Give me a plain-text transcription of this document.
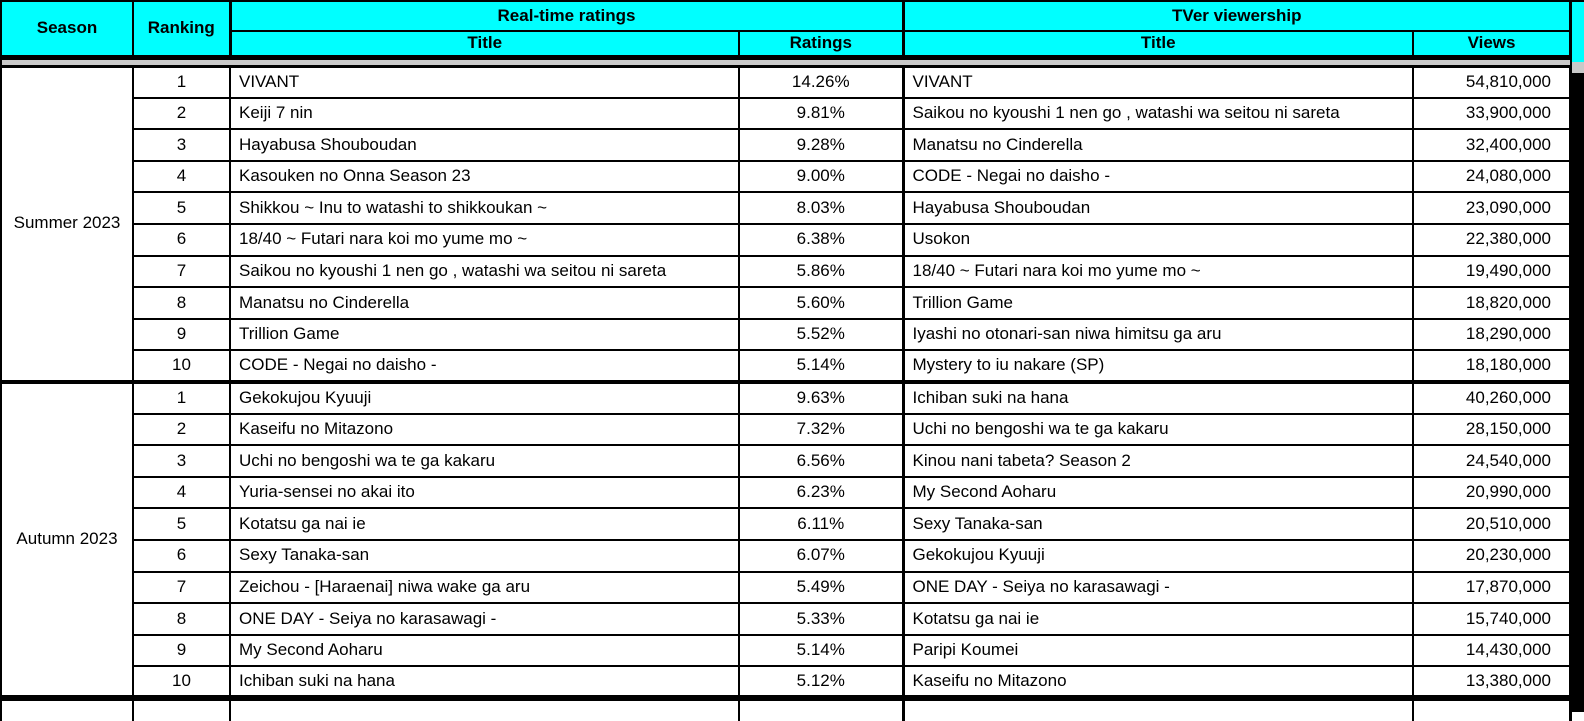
Season	Ranking	Real-time ratings		TVer viewership	
		Title	Ratings	Title	Views

Summer 2023	1	VIVANT	14.26%	VIVANT	54,810,000
	2	Keiji 7 nin	9.81%	Saikou no kyoushi 1 nen go , watashi wa seitou ni sareta	33,900,000
	3	Hayabusa Shouboudan	9.28%	Manatsu no Cinderella	32,400,000
	4	Kasouken no Onna Season 23	9.00%	CODE - Negai no daisho -	24,080,000
	5	Shikkou ~ Inu to watashi to shikkoukan ~	8.03%	Hayabusa Shouboudan	23,090,000
	6	18/40 ~ Futari nara koi mo yume mo ~	6.38%	Usokon	22,380,000
	7	Saikou no kyoushi 1 nen go , watashi wa seitou ni sareta	5.86%	18/40 ~ Futari nara koi mo yume mo ~	19,490,000
	8	Manatsu no Cinderella	5.60%	Trillion Game	18,820,000
	9	Trillion Game	5.52%	Iyashi no otonari-san niwa himitsu ga aru	18,290,000
	10	CODE - Negai no daisho -	5.14%	Mystery to iu nakare (SP)	18,180,000
Autumn 2023	1	Gekokujou Kyuuji	9.63%	Ichiban suki na hana	40,260,000
	2	Kaseifu no Mitazono	7.32%	Uchi no bengoshi wa te ga kakaru	28,150,000
	3	Uchi no bengoshi wa te ga kakaru	6.56%	Kinou nani tabeta? Season 2	24,540,000
	4	Yuria-sensei no akai ito	6.23%	My Second Aoharu	20,990,000
	5	Kotatsu ga nai ie	6.11%	Sexy Tanaka-san	20,510,000
	6	Sexy Tanaka-san	6.07%	Gekokujou Kyuuji	20,230,000
	7	Zeichou - [Haraenai] niwa wake ga aru	5.49%	ONE DAY - Seiya no karasawagi -	17,870,000
	8	ONE DAY - Seiya no karasawagi -	5.33%	Kotatsu ga nai ie	15,740,000
	9	My Second Aoharu	5.14%	Paripi Koumei	14,430,000
	10	Ichiban suki na hana	5.12%	Kaseifu no Mitazono	13,380,000
